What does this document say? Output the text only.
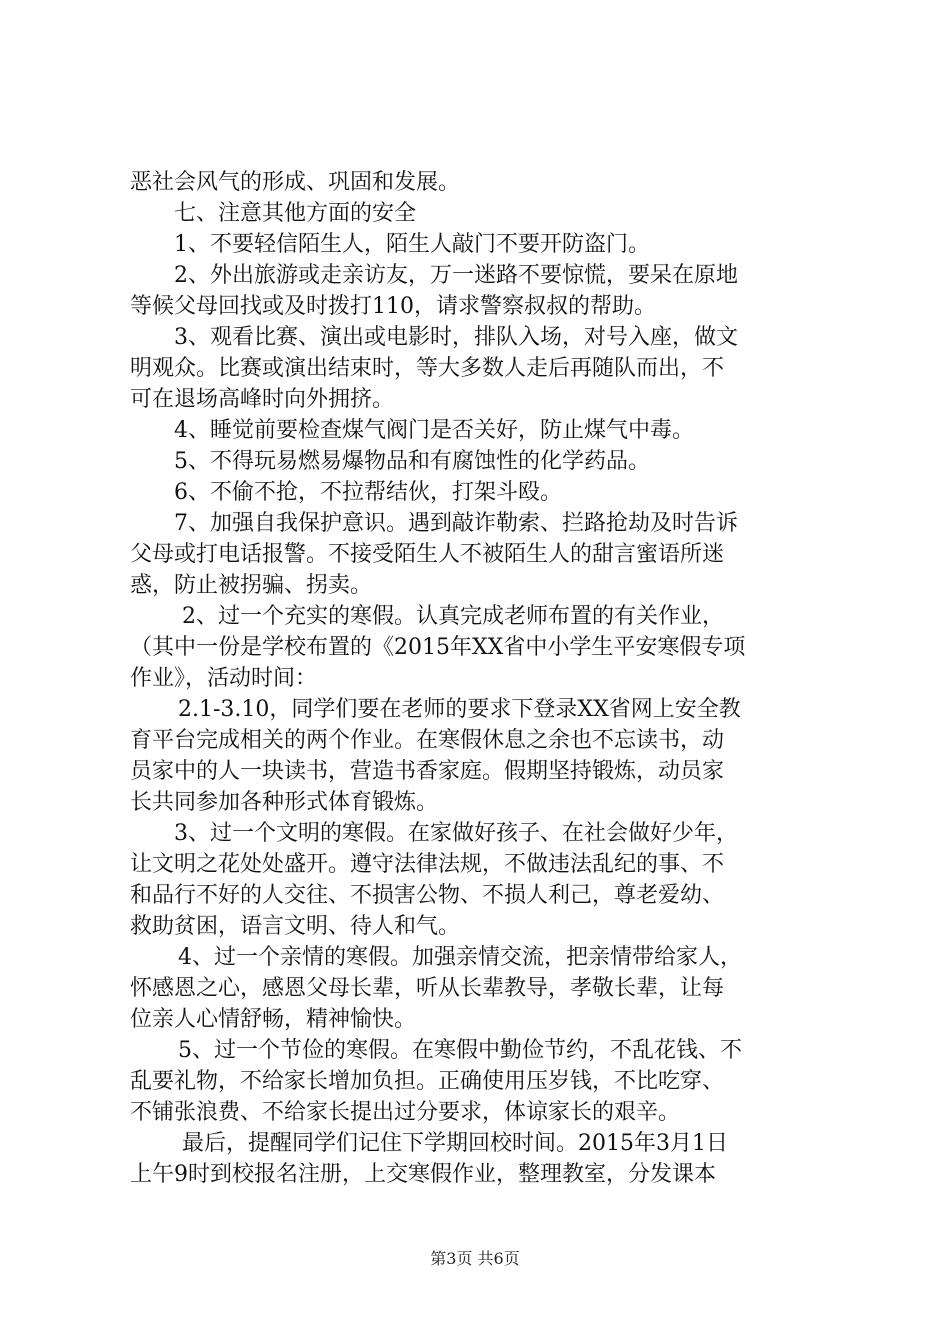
恶社会风气的形成、巩固和发展。
七、注意其他方面的安全
1、不要轻信陌生人，陌生人敲门不要开防盗门。
2、外出旅游或走亲访友，万一迷路不要惊慌，要呆在原地
等候父母回找或及时拨打110，请求警察叔叔的帮助。
3、观看比赛、演出或电影时，排队入场，对号入座，做文
明观众。比赛或演出结束时，等大多数人走后再随队而出，不
可在退场高峰时向外拥挤。
4、睡觉前要检查煤气阀门是否关好，防止煤气中毒。
5、不得玩易燃易爆物品和有腐蚀性的化学药品。
6、不偷不抢，不拉帮结伙，打架斗殴。
7、加强自我保护意识。遇到敲诈勒索、拦路抢劫及时告诉
父母或打电话报警。不接受陌生人不被陌生人的甜言蜜语所迷
惑，防止被拐骗、拐卖。
2、过一个充实的寒假。认真完成老师布置的有关作业，
（其中一份是学校布置的《2015年XX省中小学生平安寒假专项
作业》，活动时间：
2.1-3.10，同学们要在老师的要求下登录XX省网上安全教
育平台完成相关的两个作业。在寒假休息之余也不忘读书，动
员家中的人一块读书，营造书香家庭。假期坚持锻炼，动员家
长共同参加各种形式体育锻炼。
3、过一个文明的寒假。在家做好孩子、在社会做好少年，
让文明之花处处盛开。遵守法律法规，不做违法乱纪的事、不
和品行不好的人交往、不损害公物、不损人利己，尊老爱幼、
救助贫困，语言文明、待人和气。
4、过一个亲情的寒假。加强亲情交流，把亲情带给家人，
怀感恩之心，感恩父母长辈，听从长辈教导，孝敬长辈，让每
位亲人心情舒畅，精神愉快。
5、过一个节俭的寒假。在寒假中勤俭节约，不乱花钱、不
乱要礼物，不给家长增加负担。正确使用压岁钱，不比吃穿、
不铺张浪费、不给家长提出过分要求，体谅家长的艰辛。
最后，提醒同学们记住下学期回校时间。2015年3月1日
上午9时到校报名注册，上交寒假作业，整理教室，分发课本
第3页 共6页
